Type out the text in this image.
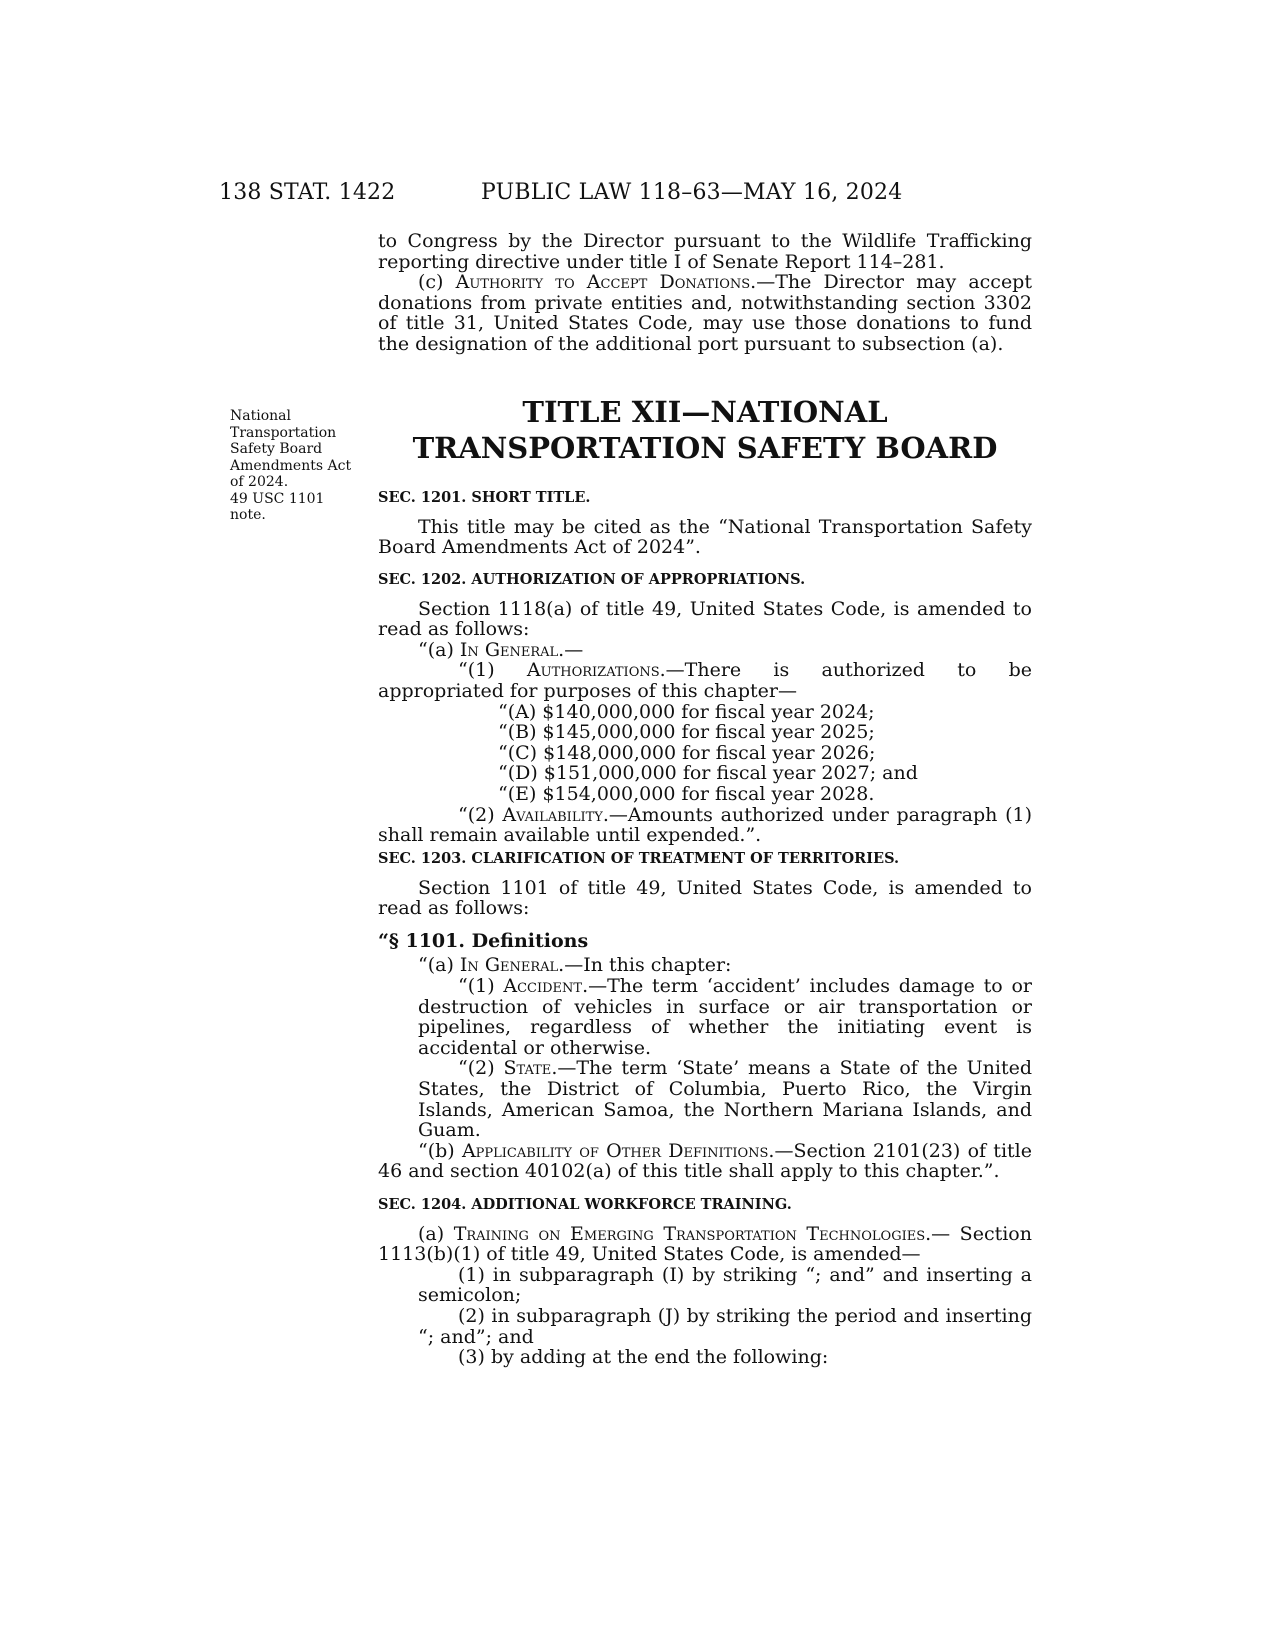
138 STAT. 1422	PUBLIC LAW 118–63—MAY 16, 2024

to Congress by the Director pursuant to the Wildlife Trafficking reporting directive under title I of Senate Report 114–281.

(c) Authority to Accept Donations.—The Director may accept donations from private entities and, notwithstanding section 3302 of title 31, United States Code, may use those donations to fund the designation of the additional port pursuant to subsection (a).

National
Transportation
Safety Board
Amendments Act
of 2024.
49 USC 1101
note.
TITLE XII—NATIONAL
TRANSPORTATION SAFETY BOARD

SEC. 1201. SHORT TITLE.

This title may be cited as the “National Transportation Safety Board Amendments Act of 2024”.

SEC. 1202. AUTHORIZATION OF APPROPRIATIONS.

Section 1118(a) of title 49, United States Code, is amended to read as follows:

“(a) In General.—

“(1) Authorizations.—There is authorized to be appropriated for purposes of this chapter—

“(A) $140,000,000 for fiscal year 2024;

“(B) $145,000,000 for fiscal year 2025;

“(C) $148,000,000 for fiscal year 2026;

“(D) $151,000,000 for fiscal year 2027; and

“(E) $154,000,000 for fiscal year 2028.

“(2) Availability.—Amounts authorized under paragraph (1) shall remain available until expended.”.

SEC. 1203. CLARIFICATION OF TREATMENT OF TERRITORIES.

Section 1101 of title 49, United States Code, is amended to read as follows:

“§ 1101. Definitions

“(a) In General.—In this chapter:

“(1) Accident.—The term ‘accident’ includes damage to or destruction of vehicles in surface or air transportation or pipelines, regardless of whether the initiating event is accidental or otherwise.

“(2) State.—The term ‘State’ means a State of the United States, the District of Columbia, Puerto Rico, the Virgin Islands, American Samoa, the Northern Mariana Islands, and Guam.

“(b) Applicability of Other Definitions.—Section 2101(23) of title 46 and section 40102(a) of this title shall apply to this chapter.”.

SEC. 1204. ADDITIONAL WORKFORCE TRAINING.

(a) Training on Emerging Transportation Technologies.— Section 1113(b)(1) of title 49, United States Code, is amended—

(1) in subparagraph (I) by striking “; and” and inserting a semicolon;

(2) in subparagraph (J) by striking the period and inserting “; and”; and

(3) by adding at the end the following:
